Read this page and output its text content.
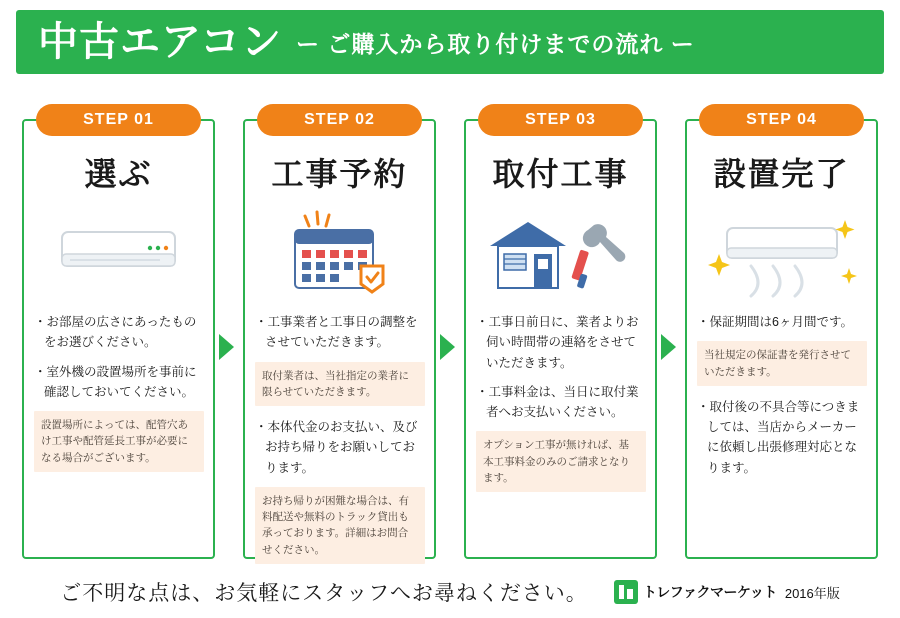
中古エアコン ー ご購入から取り付けまでの流れ ー
STEP 01
選ぶ
・お部屋の広さにあったものをお選びください。
・室外機の設置場所を事前に確認しておいてください。
設置場所によっては、配管穴あけ工事や配管延長工事が必要になる場合がございます。
STEP 02
工事予約
・工事業者と工事日の調整をさせていただきます。
取付業者は、当社指定の業者に限らせていただきます。
・本体代金のお支払い、及びお持ち帰りをお願いしております。
お持ち帰りが困難な場合は、有料配送や無料のトラック貸出も承っております。詳細はお問合せください。
STEP 03
取付工事
・工事日前日に、業者よりお伺い時間帯の連絡をさせていただきます。
・工事料金は、当日に取付業者へお支払いください。
オプション工事が無ければ、基本工事料金のみのご請求となります。
STEP 04
設置完了
・保証期間は6ヶ月間です。
当社規定の保証書を発行させていただきます。
・取付後の不具合等につきましては、当店からメーカーに依頼し出張修理対応となります。
ご不明な点は、お気軽にスタッフへお尋ねください。	トレファクマーケット 2016年版
